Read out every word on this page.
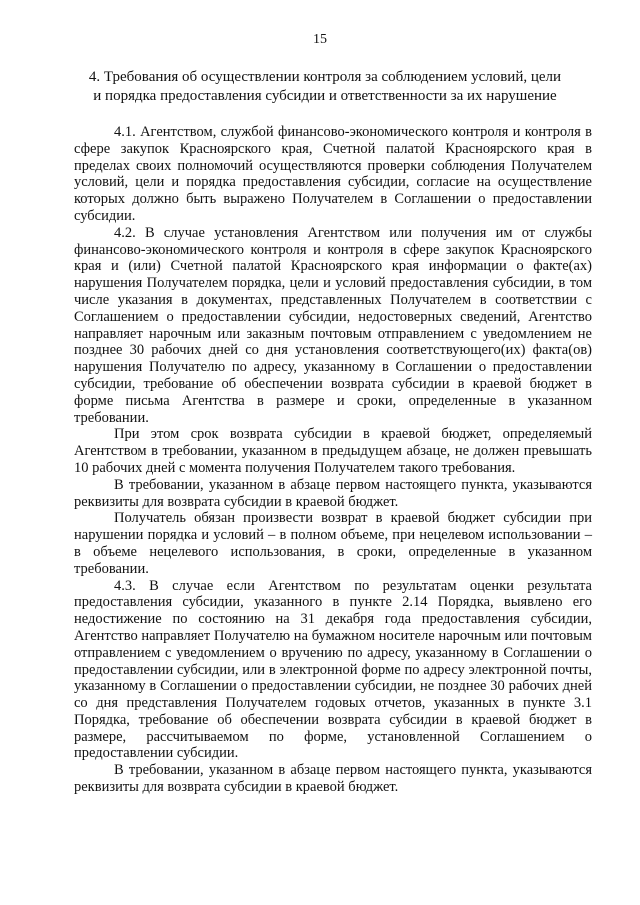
15
4. Требования об осуществлении контроля за соблюдением условий, цели
и порядка предоставления субсидии и ответственности за их нарушение

4.1. Агентством, службой финансово-экономического контроля и контроля в сфере закупок Красноярского края, Счетной палатой Красноярского края в пределах своих полномочий осуществляются проверки соблюдения Получателем условий, цели и порядка предоставления субсидии, согласие на осуществление которых должно быть выражено Получателем в Соглашении о предоставлении субсидии.

4.2. В случае установления Агентством или получения им от службы финансово-экономического контроля и контроля в сфере закупок Красноярского края и (или) Счетной палатой Красноярского края информации о факте(ах) нарушения Получателем порядка, цели и условий предоставления субсидии, в том числе указания в документах, представленных Получателем в соответствии с Соглашением о предоставлении субсидии, недостоверных сведений, Агентство направляет нарочным или заказным почтовым отправлением с уведомлением не позднее 30 рабочих дней со дня установления соответствующего(их) факта(ов) нарушения Получателю по адресу, указанному в Соглашении о предоставлении субсидии, требование об обеспечении возврата субсидии в краевой бюджет в форме письма Агентства в размере и сроки, определенные в указанном требовании.

При этом срок возврата субсидии в краевой бюджет, определяемый Агентством в требовании, указанном в предыдущем абзаце, не должен превышать 10 рабочих дней с момента получения Получателем такого требования.

В требовании, указанном в абзаце первом настоящего пункта, указываются реквизиты для возврата субсидии в краевой бюджет.

Получатель обязан произвести возврат в краевой бюджет субсидии при нарушении порядка и условий – в полном объеме, при нецелевом использовании – в объеме нецелевого использования, в сроки, определенные в указанном требовании.

4.3. В случае если Агентством по результатам оценки результата предоставления субсидии, указанного в пункте 2.14 Порядка, выявлено его недостижение по состоянию на 31 декабря года предоставления субсидии, Агентство направляет Получателю на бумажном носителе нарочным или почтовым отправлением с уведомлением о вручению по адресу, указанному в Соглашении о предоставлении субсидии, или в электронной форме по адресу электронной почты, указанному в Соглашении о предоставлении субсидии, не позднее 30 рабочих дней со дня представления Получателем годовых отчетов, указанных в пункте 3.1 Порядка, требование об обеспечении возврата субсидии в краевой бюджет в размере, рассчитываемом по форме, установленной Соглашением о предоставлении субсидии.

В требовании, указанном в абзаце первом настоящего пункта, указываются реквизиты для возврата субсидии в краевой бюджет.
